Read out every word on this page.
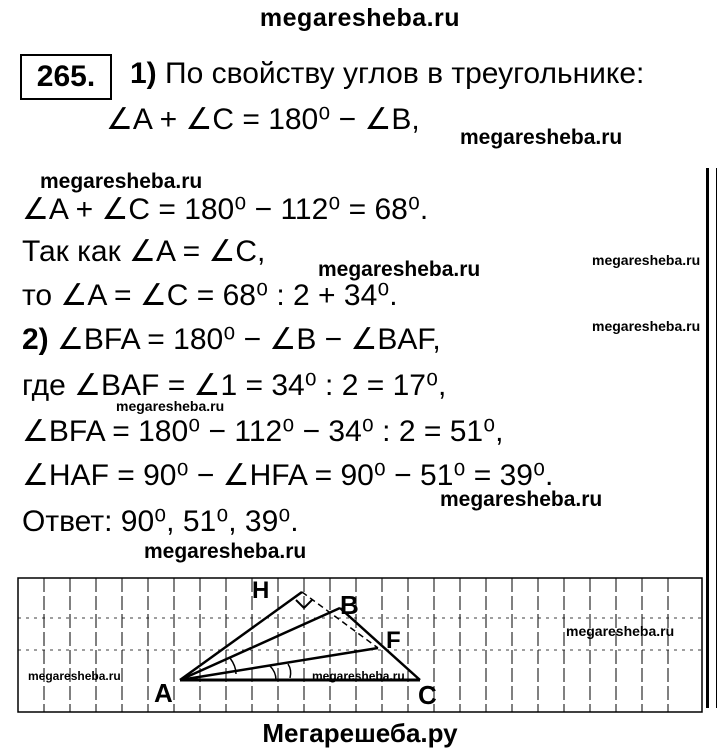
megaresheba.ru
265.	1) По свойству углов в треугольнике:
∠A + ∠C = 180⁰ − ∠B,
megaresheba.ru
megaresheba.ru
∠A + ∠C = 180⁰ − 112⁰ = 68⁰.
Так как ∠A = ∠C,
megaresheba.ru	megaresheba.ru
то ∠A = ∠C = 68⁰ : 2 + 34⁰.
megaresheba.ru
2) ∠BFA = 180⁰ − ∠B − ∠BAF,
где ∠BAF = ∠1 = 34⁰ : 2 = 17⁰,
megaresheba.ru
∠BFA = 180⁰ − 112⁰ − 34⁰ : 2 = 51⁰,
∠HAF = 90⁰ − ∠HFA = 90⁰ − 51⁰ = 39⁰.
megaresheba.ru
Ответ: 90⁰, 51⁰, 39⁰.
megaresheba.ru
A
B
C
F
H
megaresheba.ru	megaresheba.ru
megaresheba.ru
Мегарешеба.ру
